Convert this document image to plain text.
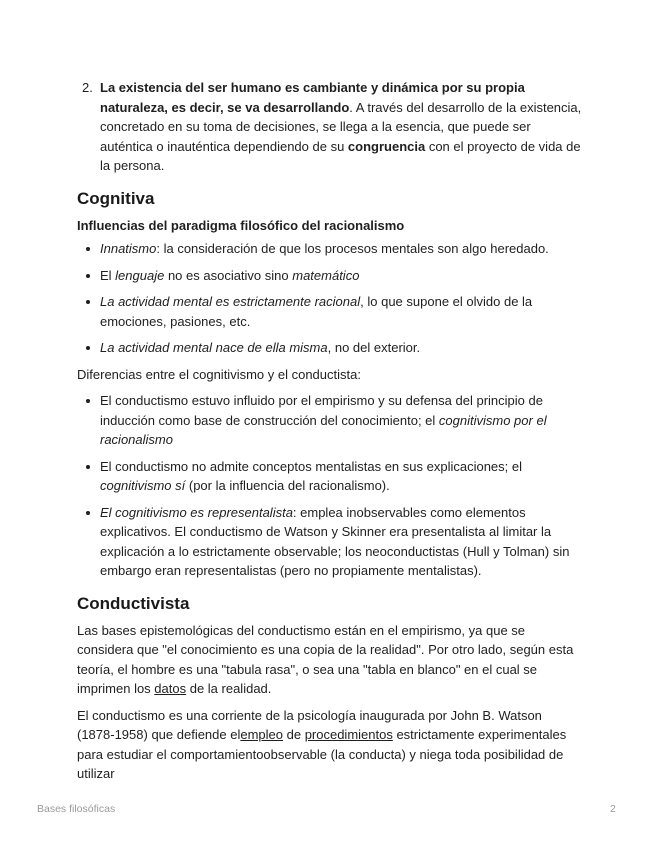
2. La existencia del ser humano es cambiante y dinámica por su propia naturaleza, es decir, se va desarrollando. A través del desarrollo de la existencia, concretado en su toma de decisiones, se llega a la esencia, que puede ser auténtica o inauténtica dependiendo de su congruencia con el proyecto de vida de la persona.
Cognitiva
Influencias del paradigma filosófico del racionalismo
Innatismo: la consideración de que los procesos mentales son algo heredado.
El lenguaje no es asociativo sino matemático
La actividad mental es estrictamente racional, lo que supone el olvido de la emociones, pasiones, etc.
La actividad mental nace de ella misma, no del exterior.

Diferencias entre el cognitivismo y el conductista:

El conductismo estuvo influido por el empirismo y su defensa del principio de inducción como base de construcción del conocimiento; el cognitivismo por el racionalismo
El conductismo no admite conceptos mentalistas en sus explicaciones; el cognitivismo sí (por la influencia del racionalismo).
El cognitivismo es representalista: emplea inobservables como elementos explicativos. El conductismo de Watson y Skinner era presentalista al limitar la explicación a lo estrictamente observable; los neoconductistas (Hull y Tolman) sin embargo eran representalistas (pero no propiamente mentalistas).
Conductivista

Las bases epistemológicas del conductismo están en el empirismo, ya que se considera que "el conocimiento es una copia de la realidad". Por otro lado, según esta teoría, el hombre es una "tabula rasa", o sea una "tabla en blanco" en el cual se imprimen los datos de la realidad.

El conductismo es una corriente de la psicología inaugurada por John B. Watson (1878-1958) que defiende elempleo de procedimientos estrictamente experimentales para estudiar el comportamientoobservable (la conducta) y niega toda posibilidad de utilizar

Bases filosóficas	2
